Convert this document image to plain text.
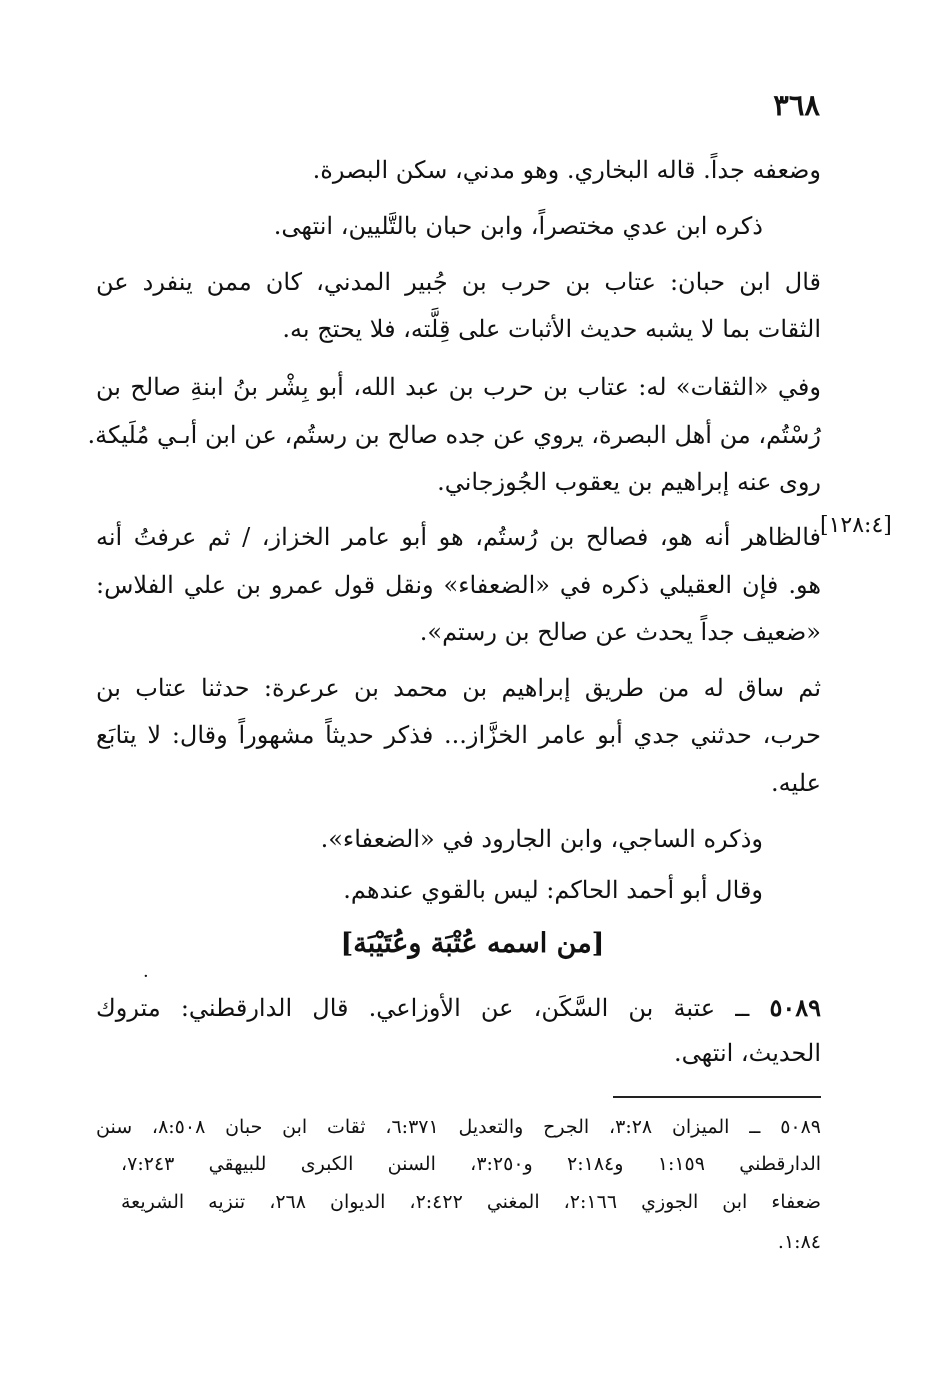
٣٦٨
وضعفه جداً. قاله البخاري. وهو مدني، سكن البصرة.
ذكره ابن عدي مختصراً، وابن حبان بالتَّليين، انتهى.
قال ابن حبان: عتاب بن حرب بن جُبير المدني، كان ممن ينفرد عن
الثقات بما لا يشبه حديث الأثبات على قِلَّته، فلا يحتج به.
وفي «الثقات» له: عتاب بن حرب بن عبد الله، أبو بِشْر بنُ ابنةِ صالح بن
رُسْتُم، من أهل البصرة، يروي عن جده صالح بن رستُم، عن ابن أبـي مُلَيكة.
روى عنه إبراهيم بن يعقوب الجُوزجاني.
[١٢٨:٤]
فالظاهر أنه هو، فصالح بن رُستُم، هو أبو عامر الخزاز، / ثم عرفتُ أنه
هو. فإن العقيلي ذكره في «الضعفاء» ونقل قول عمرو بن علي الفلاس:
«ضعيف جداً يحدث عن صالح بن رستم».
ثم ساق له من طريق إبراهيم بن محمد بن عرعرة: حدثنا عتاب بن
حرب، حدثني جدي أبو عامر الخزَّاز... فذكر حديثاً مشهوراً وقال: لا يتابَع
عليه.
وذكره الساجي، وابن الجارود في «الضعفاء».
وقال أبو أحمد الحاكم: ليس بالقوي عندهم.
[من اسمه عُتْبَة وعُتَيْبَة]
٥٠٨٩ ــ عتبة بن السَّكَن، عن الأوزاعي. قال الدارقطني: متروك
الحديث، انتهى.
٥٠٨٩ ــ الميزان ٣:٢٨، الجرح والتعديل ٦:٣٧١، ثقات ابن حبان ٨:٥٠٨، سنن
الدارقطني ١:١٥٩ و٢:١٨٤ و٣:٢٥٠، السنن الكبرى للبيهقي ٧:٢٤٣،
ضعفاء ابن الجوزي ٢:١٦٦، المغني ٢:٤٢٢، الديوان ٢٦٨، تنزيه الشريعة
١:٨٤.
·
